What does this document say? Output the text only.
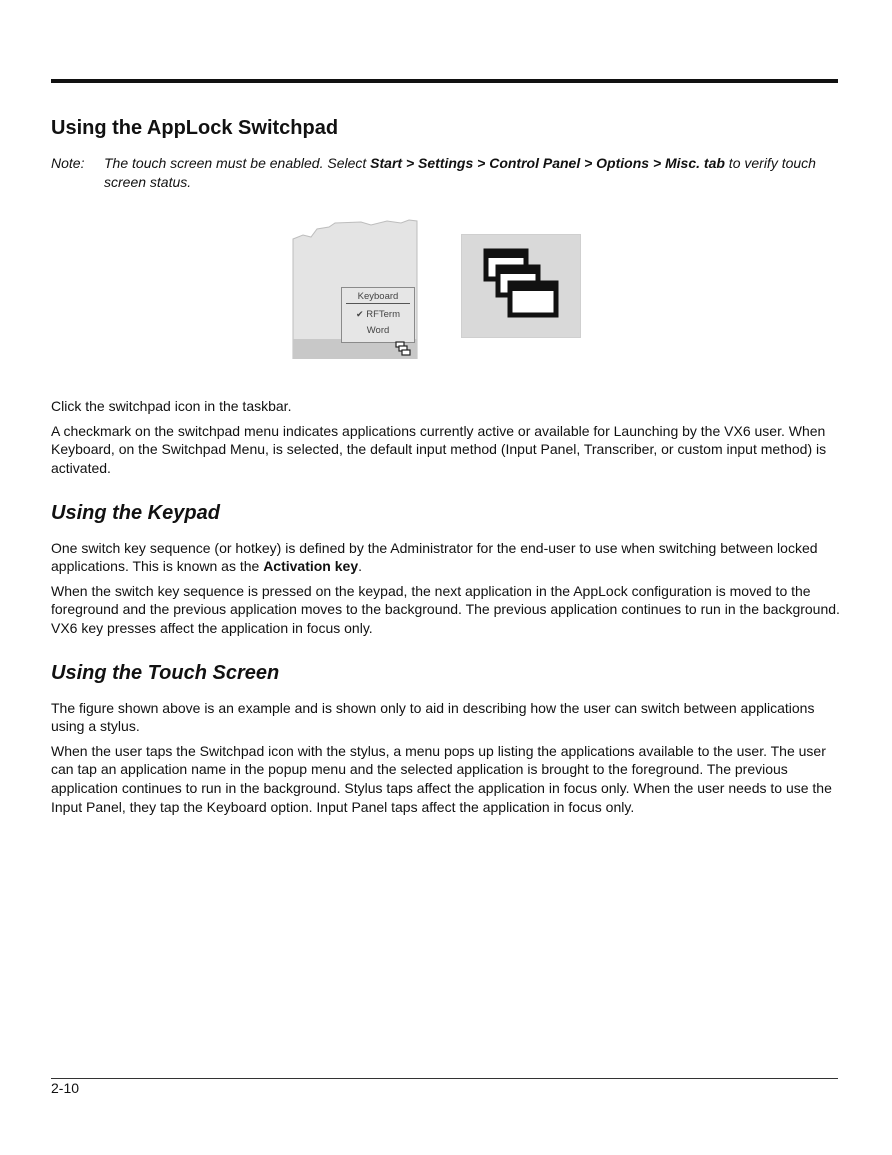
Using the AppLock Switchpad
Note:	The touch screen must be enabled. Select Start > Settings > Control Panel > Options > Misc. tab to verify touch screen status.
Keyboard
✔ RFTerm
Word

Click the switchpad icon in the taskbar.

A checkmark on the switchpad menu indicates applications currently active or available for Launching by the VX6 user. When Keyboard, on the Switchpad Menu, is selected, the default input method (Input Panel, Transcriber, or custom input method) is activated.

Using the Keypad

One switch key sequence (or hotkey) is defined by the Administrator for the end-user to use when switching between locked applications. This is known as the Activation key.

When the switch key sequence is pressed on the keypad, the next application in the AppLock configuration is moved to the foreground and the previous application moves to the background. The previous application continues to run in the background. VX6 key presses affect the application in focus only.

Using the Touch Screen

The figure shown above is an example and is shown only to aid in describing how the user can switch between applications using a stylus.

When the user taps the Switchpad icon with the stylus, a menu pops up listing the applications available to the user. The user can tap an application name in the popup menu and the selected application is brought to the foreground. The previous application continues to run in the background. Stylus taps affect the application in focus only. When the user needs to use the Input Panel, they tap the Keyboard option. Input Panel taps affect the application in focus only.

2-10
